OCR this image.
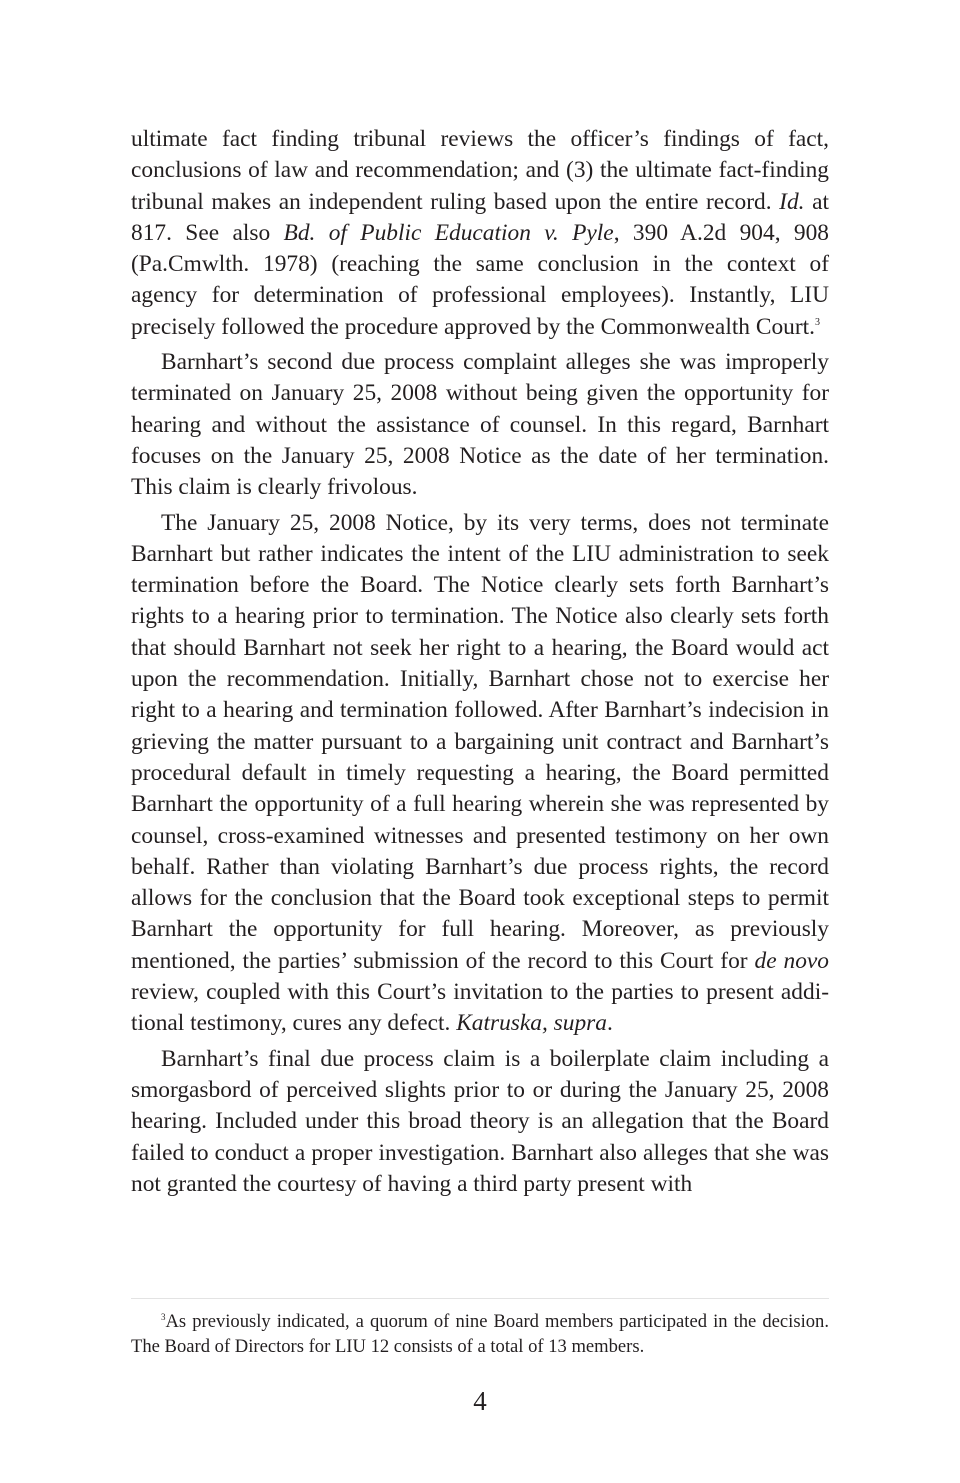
ultimate fact finding tribunal reviews the officer’s findings of fact, conclusions of law and recommendation; and (3) the ultimate fact-finding tribunal makes an independent ruling based upon the entire record. Id. at 817. See also Bd. of Public Education v. Pyle, 390 A.2d 904, 908 (Pa.Cmwlth. 1978) (reaching the same conclusion in the context of agency for determination of professional employees). Instantly, LIU precisely followed the procedure approved by the Commonwealth Court.$^3$

Barnhart’s second due process complaint alleges she was improperly terminated on January 25, 2008 without being given the opportunity for hearing and without the assistance of counsel. In this regard, Barnhart focuses on the January 25, 2008 Notice as the date of her termination. This claim is clearly frivolous.

The January 25, 2008 Notice, by its very terms, does not terminate Barnhart but rather indicates the intent of the LIU administration to seek termination before the Board. The Notice clearly sets forth Barnhart’s rights to a hearing prior to termination. The Notice also clearly sets forth that should Barnhart not seek her right to a hearing, the Board would act upon the recommendation. Initially, Barnhart chose not to exercise her right to a hearing and termination followed. After Barnhart’s indecision in grieving the matter pursuant to a bargaining unit contract and Barnhart’s procedural default in timely requesting a hearing, the Board permitted Barnhart the opportunity of a full hearing wherein she was represented by counsel, cross-examined witnesses and presented testimony on her own behalf. Rather than violating Barnhart’s due process rights, the record allows for the conclusion that the Board took exceptional steps to permit Barnhart the opportunity for full hearing. Moreover, as previously mentioned, the parties’ submission of the record to this Court for de novo review, coupled with this Court’s invitation to the parties to present additional testimony, cures any defect. Katruska, supra.

Barnhart’s final due process claim is a boilerplate claim including a smorgasbord of perceived slights prior to or during the January 25, 2008 hearing. Included under this broad theory is an allegation that the Board failed to conduct a proper investigation. Barnhart also alleges that she was not granted the courtesy of having a third party present with

$^3$As previously indicated, a quorum of nine Board members participated in the decision. The Board of Directors for LIU 12 consists of a total of 13 members.

4
